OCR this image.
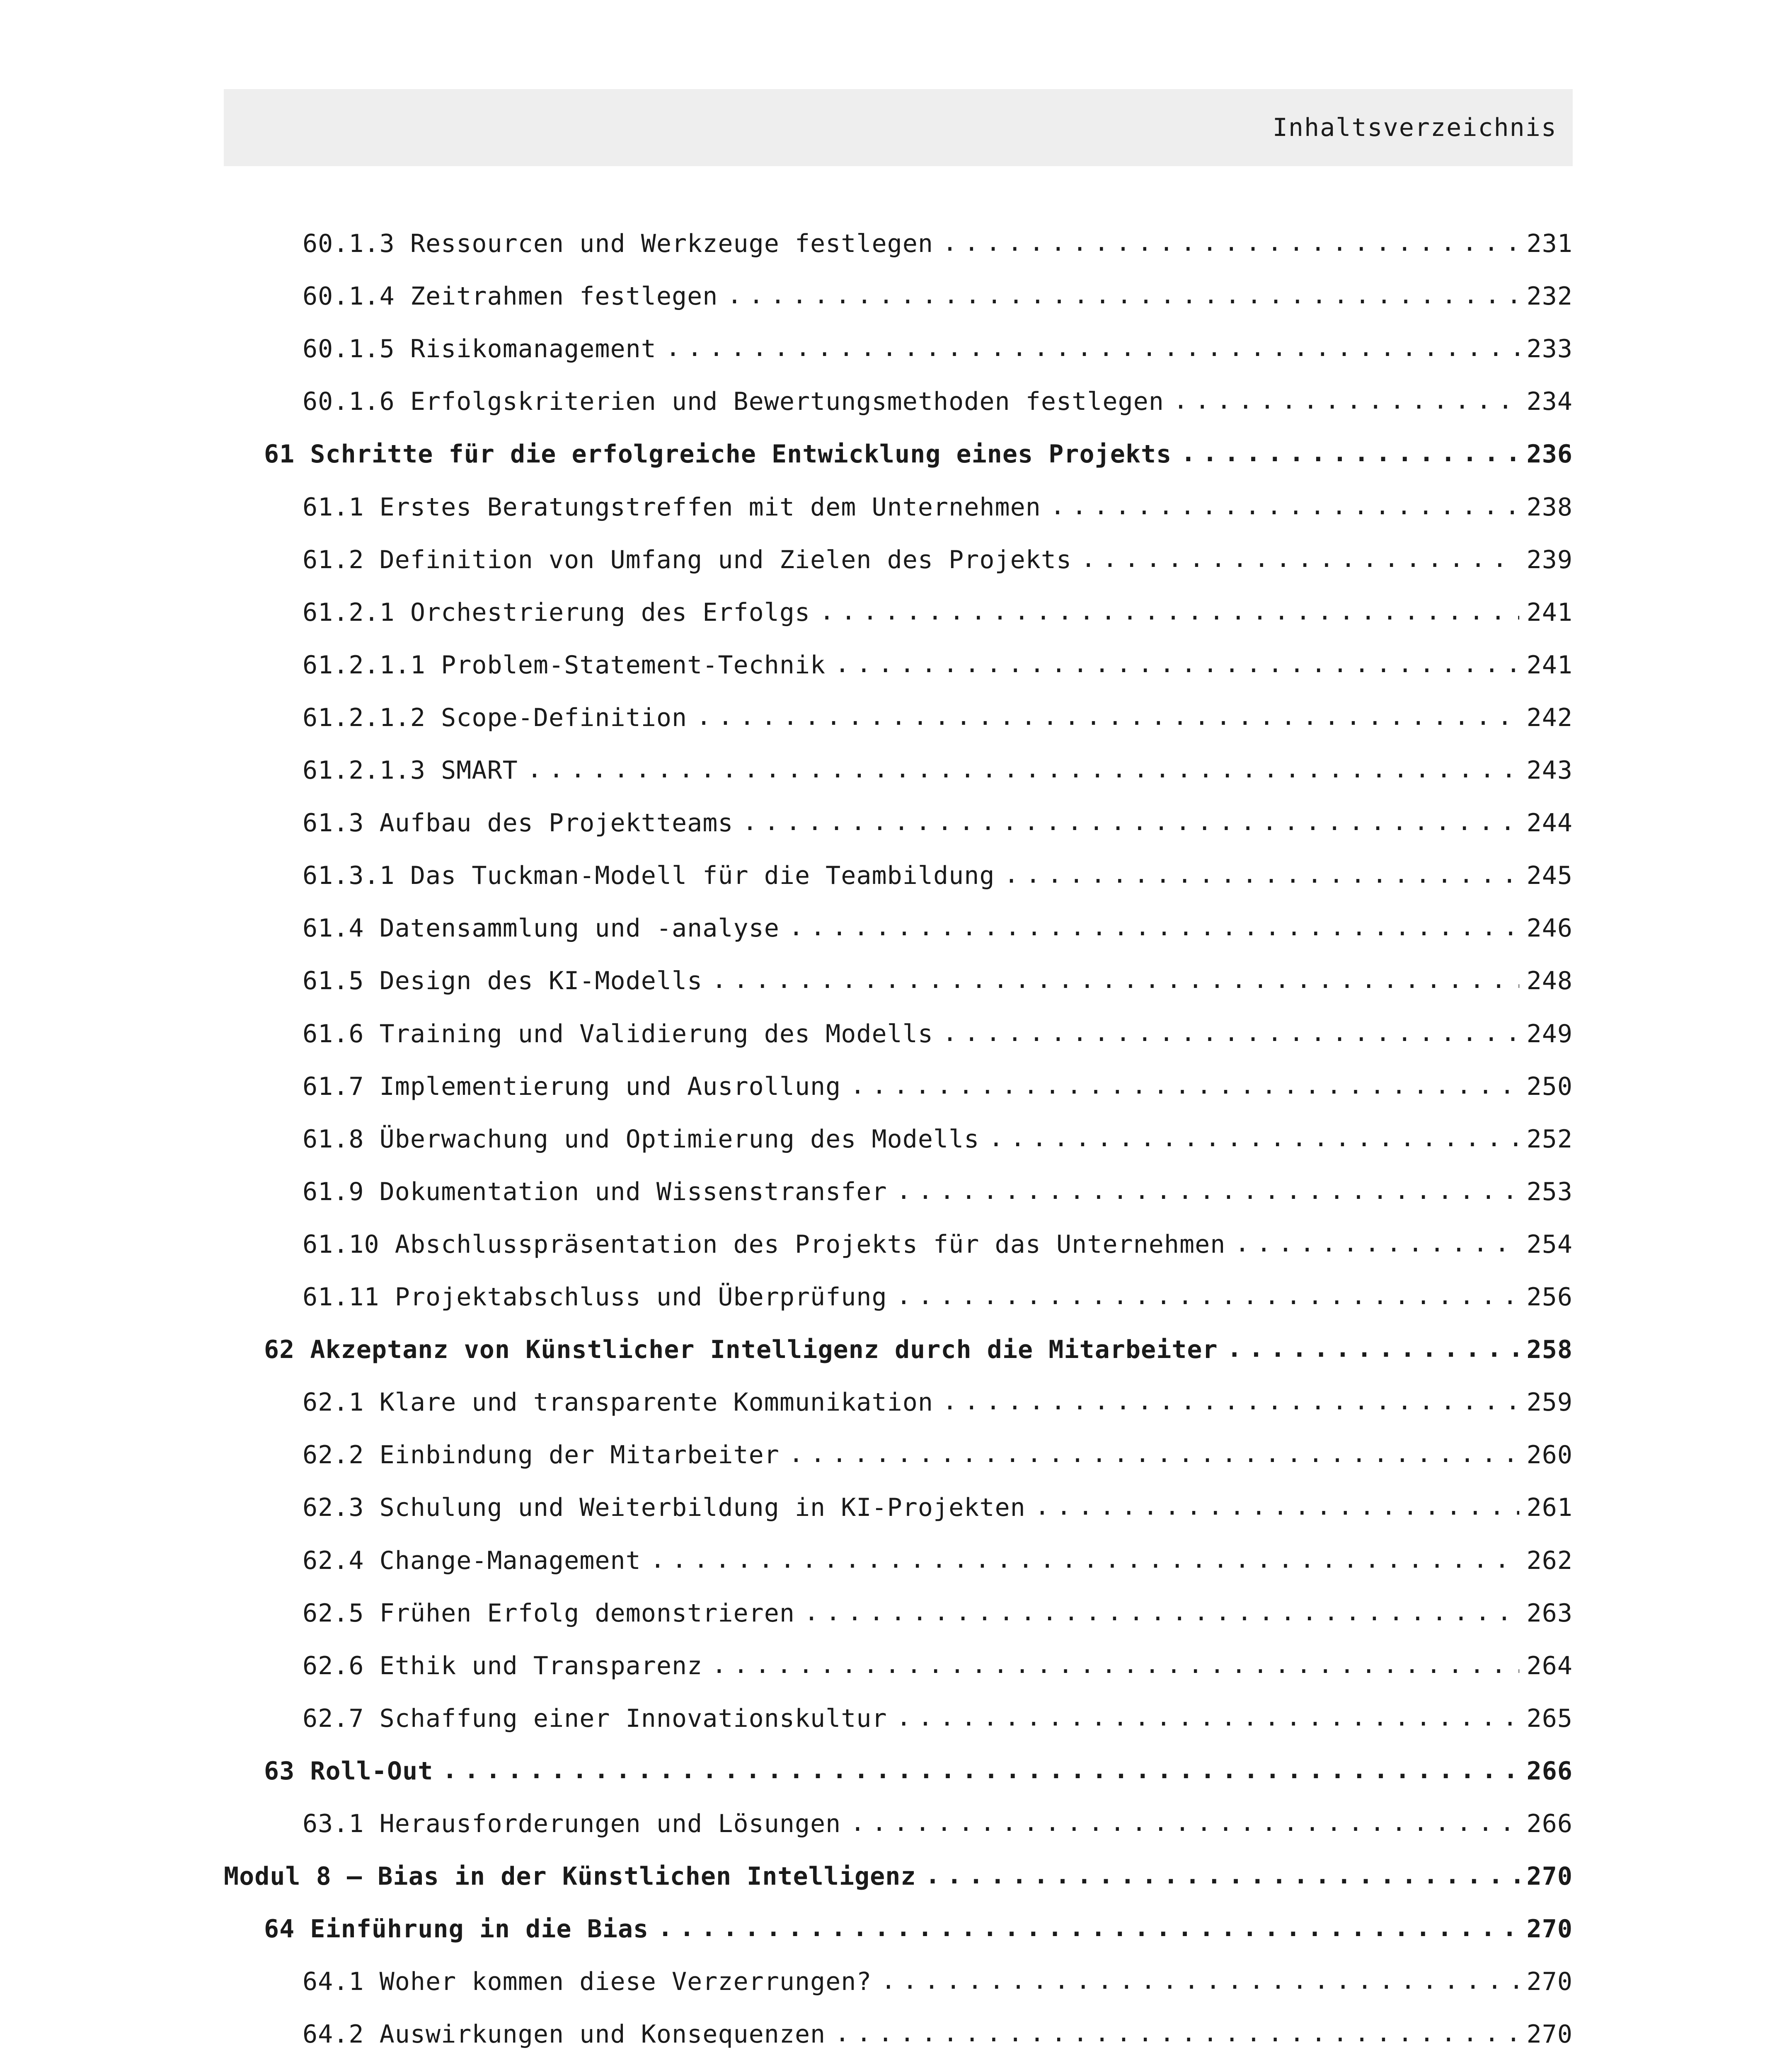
Inhaltsverzeichnis
60.1.3 Ressourcen und Werkzeuge festlegen . . .	231
60.1.4 Zeitrahmen festlegen . . .	232
60.1.5 Risikomanagement . . .	233
60.1.6 Erfolgskriterien und Bewertungsmethoden festlegen . . .	234
61 Schritte für die erfolgreiche Entwicklung eines Projekts . . .	236
61.1 Erstes Beratungstreffen mit dem Unternehmen . . .	238
61.2 Definition von Umfang und Zielen des Projekts . . .	239
61.2.1 Orchestrierung des Erfolgs . . .	241
61.2.1.1 Problem-Statement-Technik . . .	241
61.2.1.2 Scope-Definition . . .	242
61.2.1.3 SMART . . .	243
61.3 Aufbau des Projektteams . . .	244
61.3.1 Das Tuckman-Modell für die Teambildung . . .	245
61.4 Datensammlung und -analyse . . .	246
61.5 Design des KI-Modells . . .	248
61.6 Training und Validierung des Modells . . .	249
61.7 Implementierung und Ausrollung . . .	250
61.8 Überwachung und Optimierung des Modells . . .	252
61.9 Dokumentation und Wissenstransfer . . .	253
61.10 Abschlusspräsentation des Projekts für das Unternehmen . . .	254
61.11 Projektabschluss und Überprüfung . . .	256
62 Akzeptanz von Künstlicher Intelligenz durch die Mitarbeiter . . .	258
62.1 Klare und transparente Kommunikation . . .	259
62.2 Einbindung der Mitarbeiter . . .	260
62.3 Schulung und Weiterbildung in KI-Projekten . . .	261
62.4 Change-Management . . .	262
62.5 Frühen Erfolg demonstrieren . . .	263
62.6 Ethik und Transparenz . . .	264
62.7 Schaffung einer Innovationskultur . . .	265
63 Roll-Out . . .	266
63.1 Herausforderungen und Lösungen . . .	266
Modul 8 – Bias in der Künstlichen Intelligenz . . .	270
64 Einführung in die Bias . . .	270
64.1 Woher kommen diese Verzerrungen? . . .	270
64.2 Auswirkungen und Konsequenzen . . .	270
